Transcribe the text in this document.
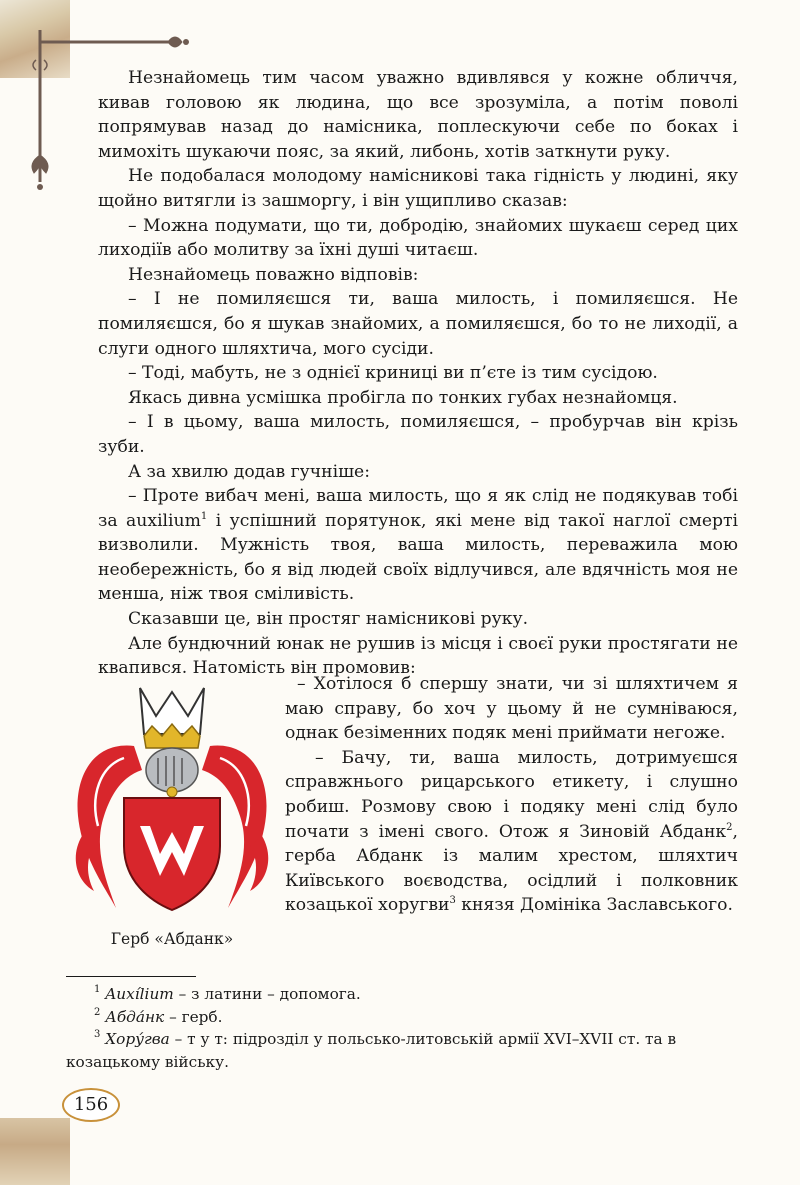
Незнайомець тим часом уважно вдивлявся у кожне обличчя, кивав головою як людина, що все зрозуміла, а потім поволі попрямував назад до намісника, поплескуючи себе по боках і мимохіть шукаючи пояс, за який, либонь, хотів заткнути руку.

Не подобалася молодому намісникові така гідність у людині, яку щойно витягли із зашморгу, і він ущипливо сказав:

– Можна подумати, що ти, добродію, знайомих шукаєш серед цих лиходіїв або молитву за їхні душі читаєш.

Незнайомець поважно відповів:

– І не помиляєшся ти, ваша милость, і помиляєшся. Не помиляєшся, бо я шукав знайомих, а помиляєшся, бо то не лиходії, а слуги одного шляхтича, мого сусіди.

– Тоді, мабуть, не з однієї криниці ви п’єте із тим сусідою.

Якась дивна усмішка пробігла по тонких губах незнайомця.

– І в цьому, ваша милость, помиляєшся, – пробурчав він крізь зуби.

А за хвилю додав гучніше:

– Проте вибач мені, ваша милость, що я як слід не подякував тобі за auxilium$^1$ і успішний порятунок, які мене від такої наглої смерті визволили. Мужність твоя, ваша милость, переважила мою необережність, бо я від людей своїх відлучився, але вдячність моя не менша, ніж твоя сміливість.

Сказавши це, він простяг намісникові руку.

Але бундючний юнак не рушив із місця і своєї руки простягати не квапився. Натомість він промовив:

Герб «Абданк»

– Хотілося б спершу знати, чи зі шляхтичем я маю справу, бо хоч у цьому й не сумніваюся, однак безіменних подяк мені приймати негоже.

– Бачу, ти, ваша милость, дотримуєшся справжнього рицарського етикету, і слушно робиш. Розмову свою і подяку мені слід було почати з імені свого. Отож я Зиновій Абданк$^2$, герба Абданк із малим хрестом, шляхтич Київського воєводства, осідлий і полковник козацької хоругви$^3$ князя Домініка Заславського.

$^1$ Auxílium – з латини – допомога.

$^2$ Абда́нк – герб.

$^3$ Хору́гва – т у т: підрозділ у польсько-литовській армії XVI–XVII ст. та в козацькому війську.

156
